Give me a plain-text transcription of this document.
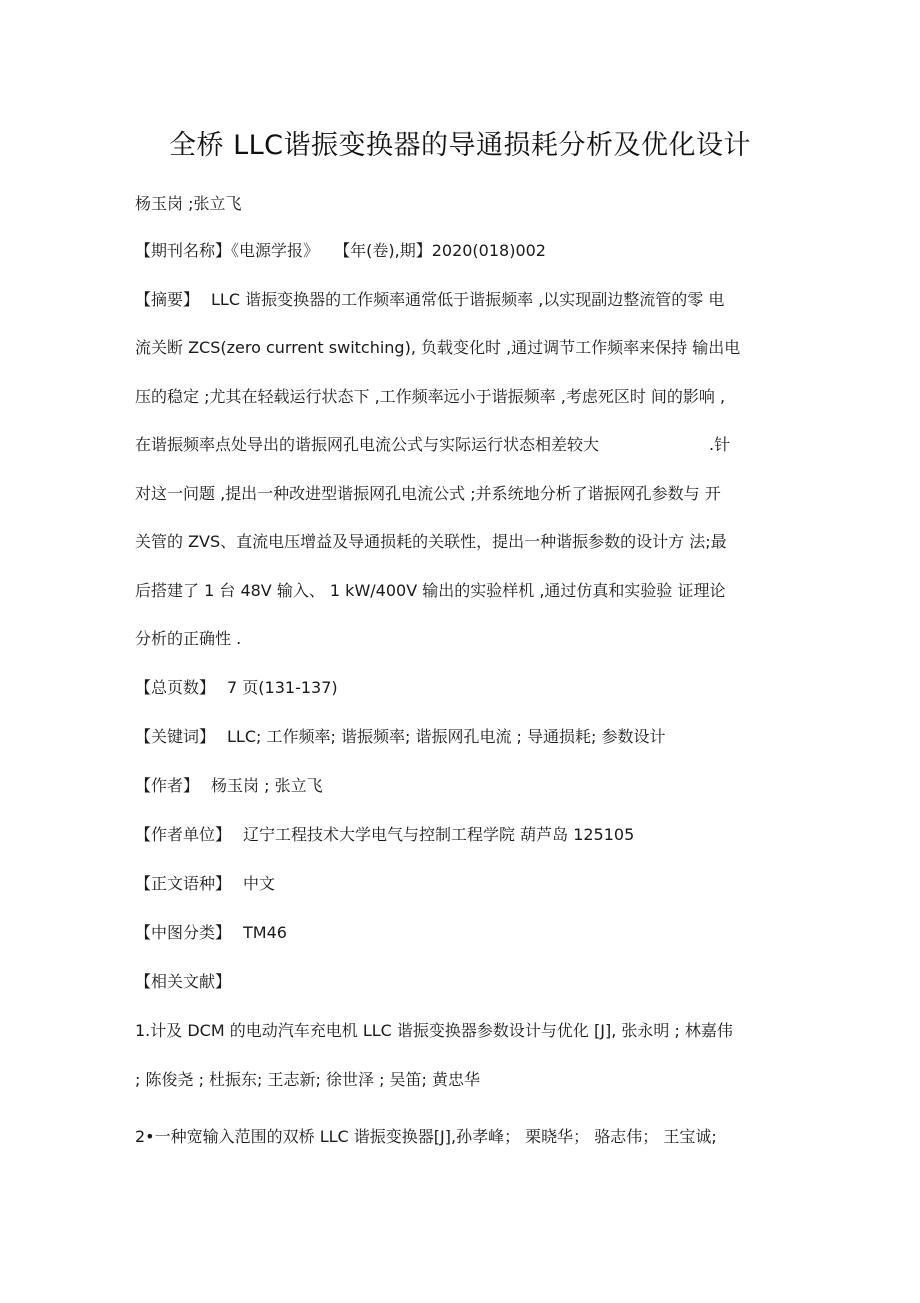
全桥 LLC谐振变换器的导通损耗分析及优化设计
杨玉岗 ;张立飞
【期刊名称】《电源学报》 【年(卷),期】2020(018)002
【摘要】 LLC 谐振变换器的工作频率通常低于谐振频率 ,以实现副边整流管的零 电
流关断 ZCS(zero current switching), 负载变化时 ,通过调节工作频率来保持 输出电
压的稳定 ;尤其在轻载运行状态下 ,工作频率远小于谐振频率 ,考虑死区时 间的影响 ,
在谐振频率点处导出的谐振网孔电流公式与实际运行状态相差较大	.针
对这一问题 ,提出一种改进型谐振网孔电流公式 ;并系统地分析了谐振网孔参数与 开
关管的 ZVS、直流电压增益及导通损耗的关联性，提出一种谐振参数的设计方 法;最
后搭建了 1 台 48V 输入、 1 kW/400V 输出的实验样机 ,通过仿真和实验验 证理论
分析的正确性 .
【总页数】 7 页(131-137)
【关键词】 LLC; 工作频率; 谐振频率; 谐振网孔电流 ; 导通损耗; 参数设计
【作者】 杨玉岗 ; 张立飞
【作者单位】 辽宁工程技术大学电气与控制工程学院 葫芦岛 125105
【正文语种】 中文
【中图分类】 TM46
【相关文献】
1.计及 DCM 的电动汽车充电机 LLC 谐振变换器参数设计与优化 [J], 张永明 ; 林嘉伟
; 陈俊尧 ; 杜振东; 王志新; 徐世泽 ; 吴笛; 黄忠华
2•一种宽输入范围的双桥 LLC 谐振变换器[J],孙孝峰； 栗晓华； 骆志伟； 王宝诚;
